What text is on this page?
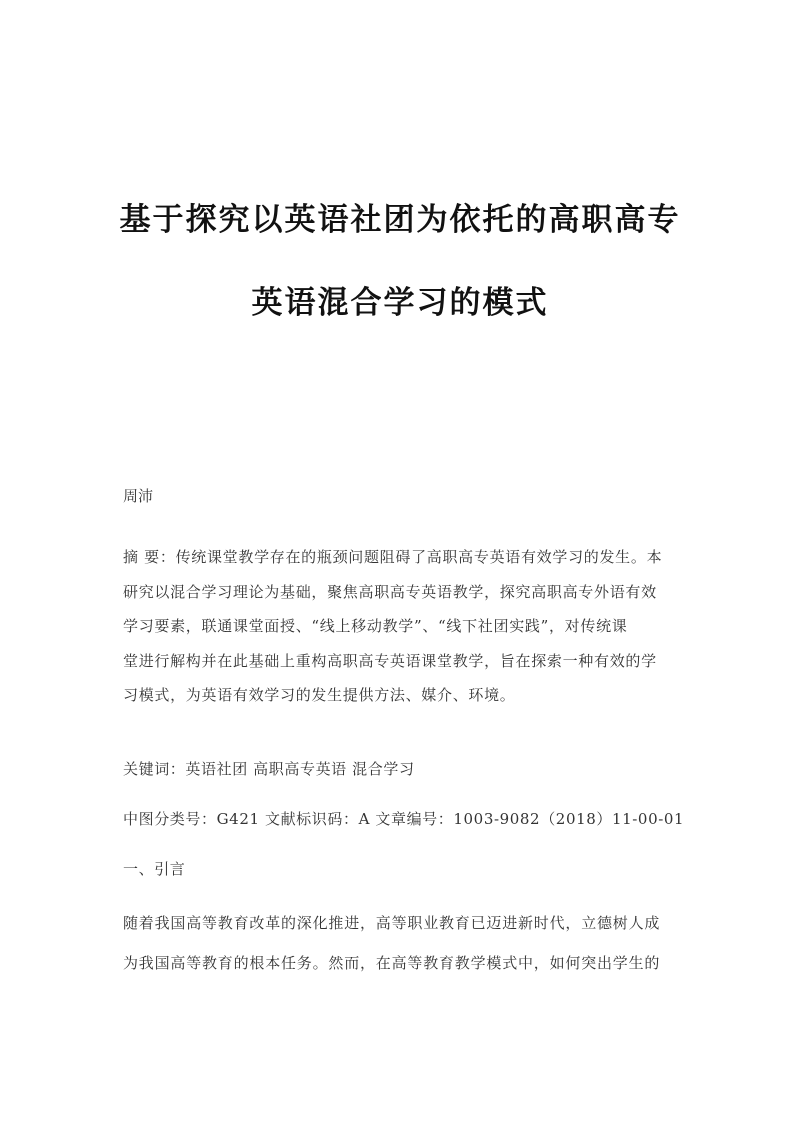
基于探究以英语社团为依托的高职高专
英语混合学习的模式
周沛
摘 要：传统课堂教学存在的瓶颈问题阻碍了高职高专英语有效学习的发生。本
研究以混合学习理论为基础，聚焦高职高专英语教学，探究高职高专外语有效
学习要素，联通课堂面授、“线上移动教学”、“线下社团实践”，对传统课
堂进行解构并在此基础上重构高职高专英语课堂教学，旨在探索一种有效的学
习模式，为英语有效学习的发生提供方法、媒介、环境。
关键词：英语社团 高职高专英语 混合学习
中图分类号：G421 文献标识码：A 文章编号：1003-9082（2018）11-00-01
一、引言
随着我国高等教育改革的深化推进，高等职业教育已迈进新时代，立德树人成
为我国高等教育的根本任务。然而，在高等教育教学模式中，如何突出学生的
